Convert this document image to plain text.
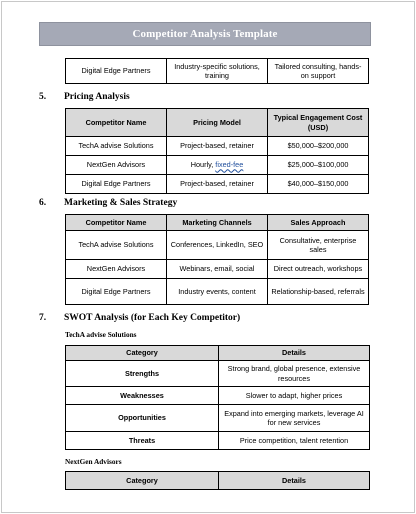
Competitor Analysis Template
Digital Edge Partners	Industry-specific solutions, training	Tailored consulting, hands-on support
5. Pricing Analysis
Competitor Name	Pricing Model	Typical Engagement Cost (USD)
TechA advise Solutions	Project-based, retainer	$50,000–$200,000
NextGen Advisors	Hourly, fixed-fee	$25,000–$100,000
Digital Edge Partners	Project-based, retainer	$40,000–$150,000
6. Marketing & Sales Strategy
Competitor Name	Marketing Channels	Sales Approach
TechA advise Solutions	Conferences, LinkedIn, SEO	Consultative, enterprise sales
NextGen Advisors	Webinars, email, social	Direct outreach, workshops
Digital Edge Partners	Industry events, content	Relationship-based, referrals
7. SWOT Analysis (for Each Key Competitor)
TechA advise Solutions
Category	Details
Strengths	Strong brand, global presence, extensive resources
Weaknesses	Slower to adapt, higher prices
Opportunities	Expand into emerging markets, leverage AI for new services
Threats	Price competition, talent retention
NextGen Advisors
Category	Details
